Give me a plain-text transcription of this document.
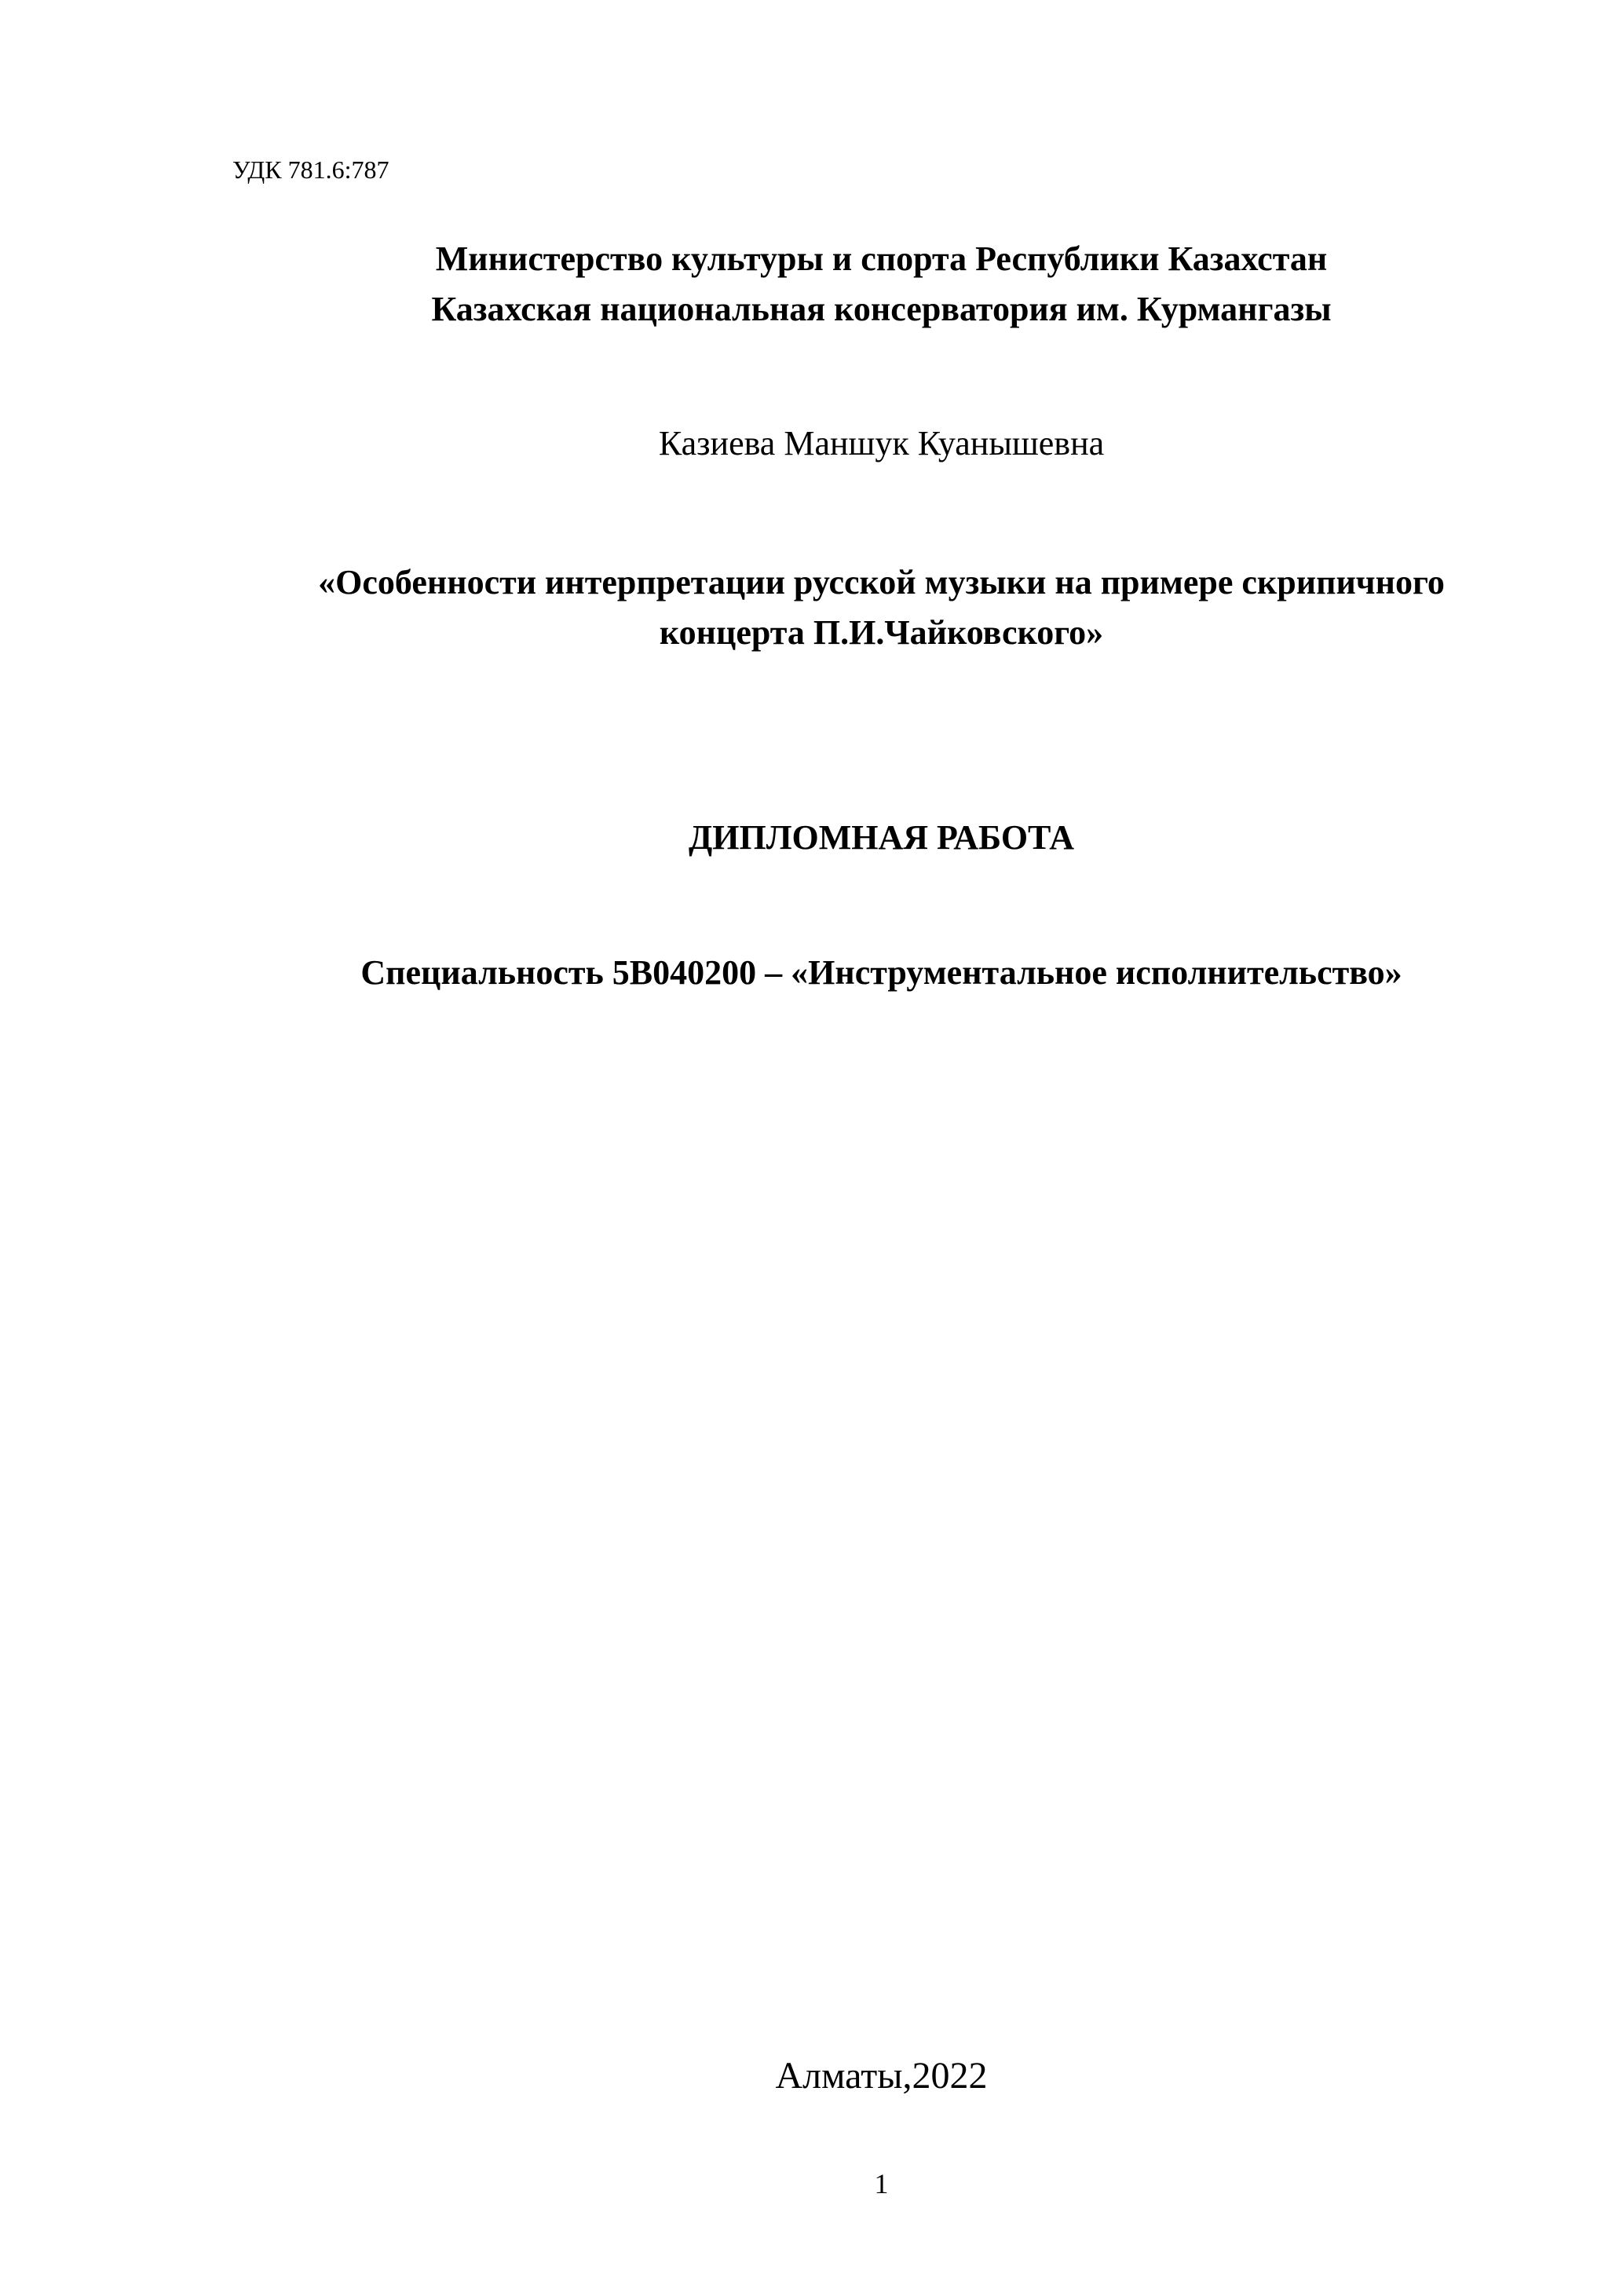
УДК 781.6:787
Министерство культуры и спорта Республики Казахстан
Казахская национальная консерватория им. Курмангазы
Казиева Маншук Куанышевна
«Особенности интерпретации русской музыки на примере скрипичного
концерта П.И.Чайковского»
ДИПЛОМНАЯ РАБОТА
Специальность 5В040200 – «Инструментальное исполнительство»
Алматы,2022
1
